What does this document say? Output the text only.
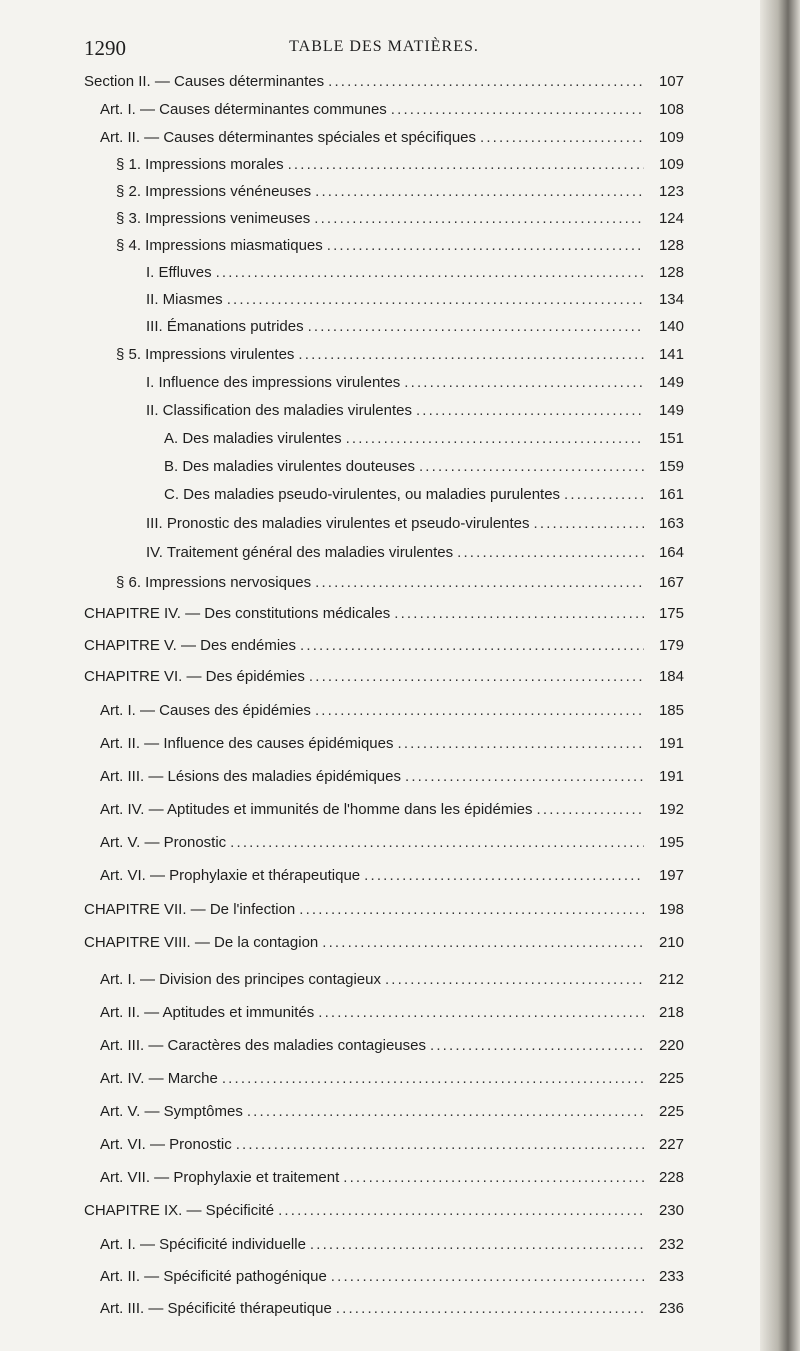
1290	TABLE DES MATIÈRES.
Section II. — Causes déterminantes . . .	107
Art. I. — Causes déterminantes communes . . .	108
Art. II. — Causes déterminantes spéciales et spécifiques . . .	109
§ 1. Impressions morales . . .	109
§ 2. Impressions vénéneuses . . .	123
§ 3. Impressions venimeuses . . .	124
§ 4. Impressions miasmatiques . . .	128
I. Effluves . . .	128
II. Miasmes . . .	134
III. Émanations putrides . . .	140
§ 5. Impressions virulentes . . .	141
I. Influence des impressions virulentes . . .	149
II. Classification des maladies virulentes . . .	149
A. Des maladies virulentes . . .	151
B. Des maladies virulentes douteuses . . .	159
C. Des maladies pseudo-virulentes, ou maladies purulentes . . .	161
III. Pronostic des maladies virulentes et pseudo-virulentes . . .	163
IV. Traitement général des maladies virulentes . . .	164
§ 6. Impressions nervosiques . . .	167
CHAPITRE IV. — Des constitutions médicales . . .	175
CHAPITRE V. — Des endémies . . .	179
CHAPITRE VI. — Des épidémies . . .	184
Art. I. — Causes des épidémies . . .	185
Art. II. — Influence des causes épidémiques . . .	191
Art. III. — Lésions des maladies épidémiques . . .	191
Art. IV. — Aptitudes et immunités de l'homme dans les épidémies . . .	192
Art. V. — Pronostic . . .	195
Art. VI. — Prophylaxie et thérapeutique . . .	197
CHAPITRE VII. — De l'infection . . .	198
CHAPITRE VIII. — De la contagion . . .	210
Art. I. — Division des principes contagieux . . .	212
Art. II. — Aptitudes et immunités . . .	218
Art. III. — Caractères des maladies contagieuses . . .	220
Art. IV. — Marche . . .	225
Art. V. — Symptômes . . .	225
Art. VI. — Pronostic . . .	227
Art. VII. — Prophylaxie et traitement . . .	228
CHAPITRE IX. — Spécificité . . .	230
Art. I. — Spécificité individuelle . . .	232
Art. II. — Spécificité pathogénique . . .	233
Art. III. — Spécificité thérapeutique . . .	236
